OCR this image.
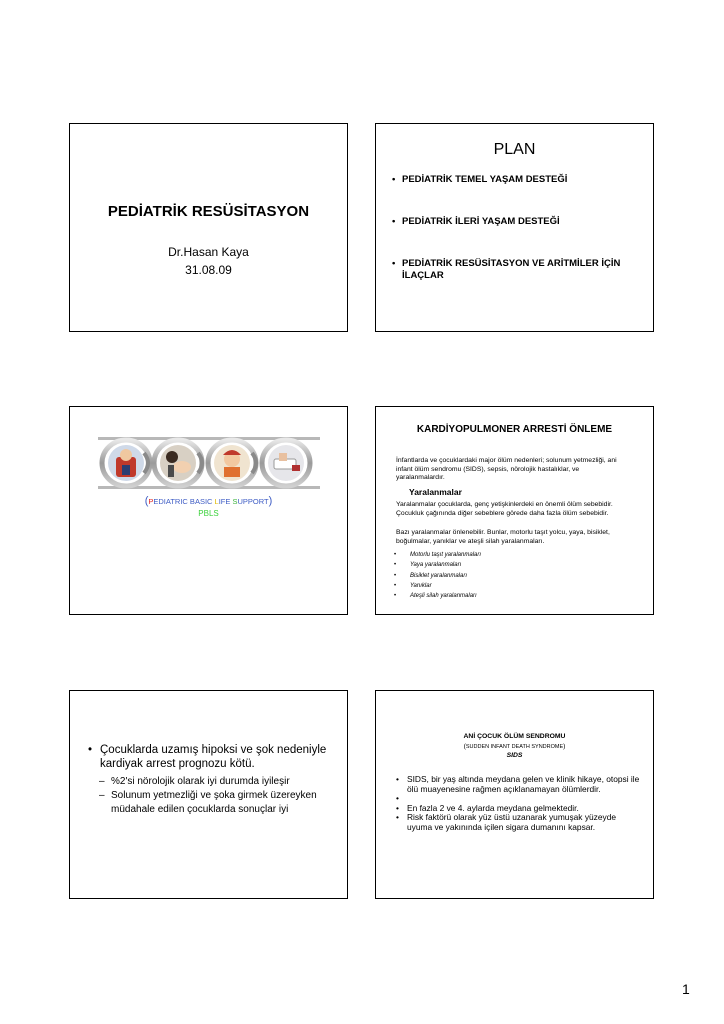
PEDİATRİK RESÜSİTASYON
Dr.Hasan Kaya
31.08.09
PLAN
• PEDİATRİK TEMEL YAŞAM DESTEĞİ
• PEDİATRİK İLERİ YAŞAM DESTEĞİ
• PEDİATRİK RESÜSİTASYON VE ARİTMİLER İÇİN İLAÇLAR
(PEDIATRIC BASIC LIFE SUPPORT)
PBLS
KARDİYOPULMONER ARRESTİ ÖNLEME
İnfantlarda ve çocuklardaki major ölüm nedenleri; solunum yetmezliği, ani infant ölüm sendromu (SIDS), sepsis, nörolojik hastalıklar, ve yaralanmalardır.
Yaralanmalar
Yaralanmalar çocuklarda, genç yetişkinlerdeki en önemli ölüm sebebidir. Çocukluk çağınında diğer sebeblere görede daha fazla ölüm sebebidir.
Bazı yaralanmalar önlenebilir. Bunlar, motorlu taşıt yolcu, yaya, bisiklet, boğulmalar, yanıklar ve ateşli silah yaralanmaları.
• Motorlu taşıt yaralanmaları
• Yaya yaralanmaları
• Bisiklet yaralanmaları
• Yanıklar
• Ateşli silah yaralanmaları
• Çocuklarda uzamış hipoksi ve şok nedeniyle kardiyak arrest prognozu kötü.
– %2'si nörolojik olarak iyi durumda iyileşir
– Solunum yetmezliği ve şoka girmek üzereyken müdahale edilen çocuklarda sonuçlar iyi
ANİ ÇOCUK ÖLÜM SENDROMU
(SUDDEN INFANT DEATH SYNDROME)
SIDS
• SIDS, bir yaş altında meydana gelen ve klinik hikaye, otopsi ile ölü muayenesine rağmen açıklanamayan ölümlerdir.
•
• En fazla 2 ve 4. aylarda meydana gelmektedir.
• Risk faktörü olarak yüz üstü uzanarak yumuşak yüzeyde uyuma ve yakınında içilen sigara dumanını kapsar.
1
